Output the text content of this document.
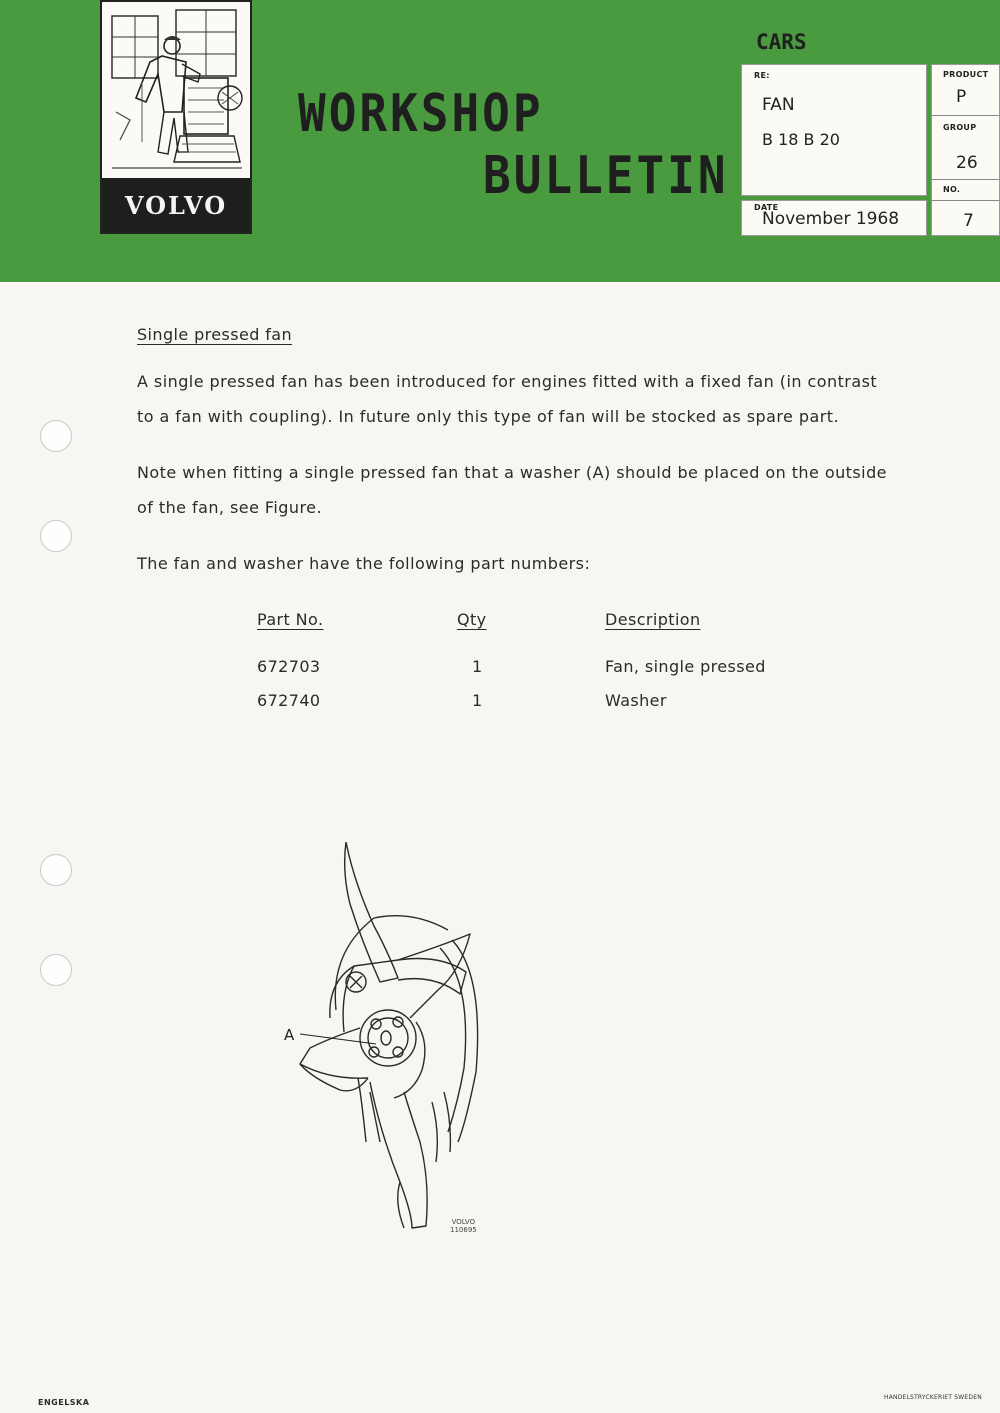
VOLVO
WORKSHOP
BULLETIN
CARS
RE:
FAN
B 18 B 20
DATE
November 1968
PRODUCT
P
GROUP
26
NO.
7
Single pressed fan

A single pressed fan has been introduced for engines fitted with a fixed fan (in contrast
to a fan with coupling). In future only this type of fan will be stocked as spare part.

Note when fitting a single pressed fan that a washer (A) should be placed on the outside
of the fan, see Figure.

The fan and washer have the following part numbers:

Part No.	Qty	Description
672703	1	Fan, single pressed
672740	1	Washer
A
VOLVO
110695
ENGELSKA
HANDELSTRYCKERIET SWEDEN
